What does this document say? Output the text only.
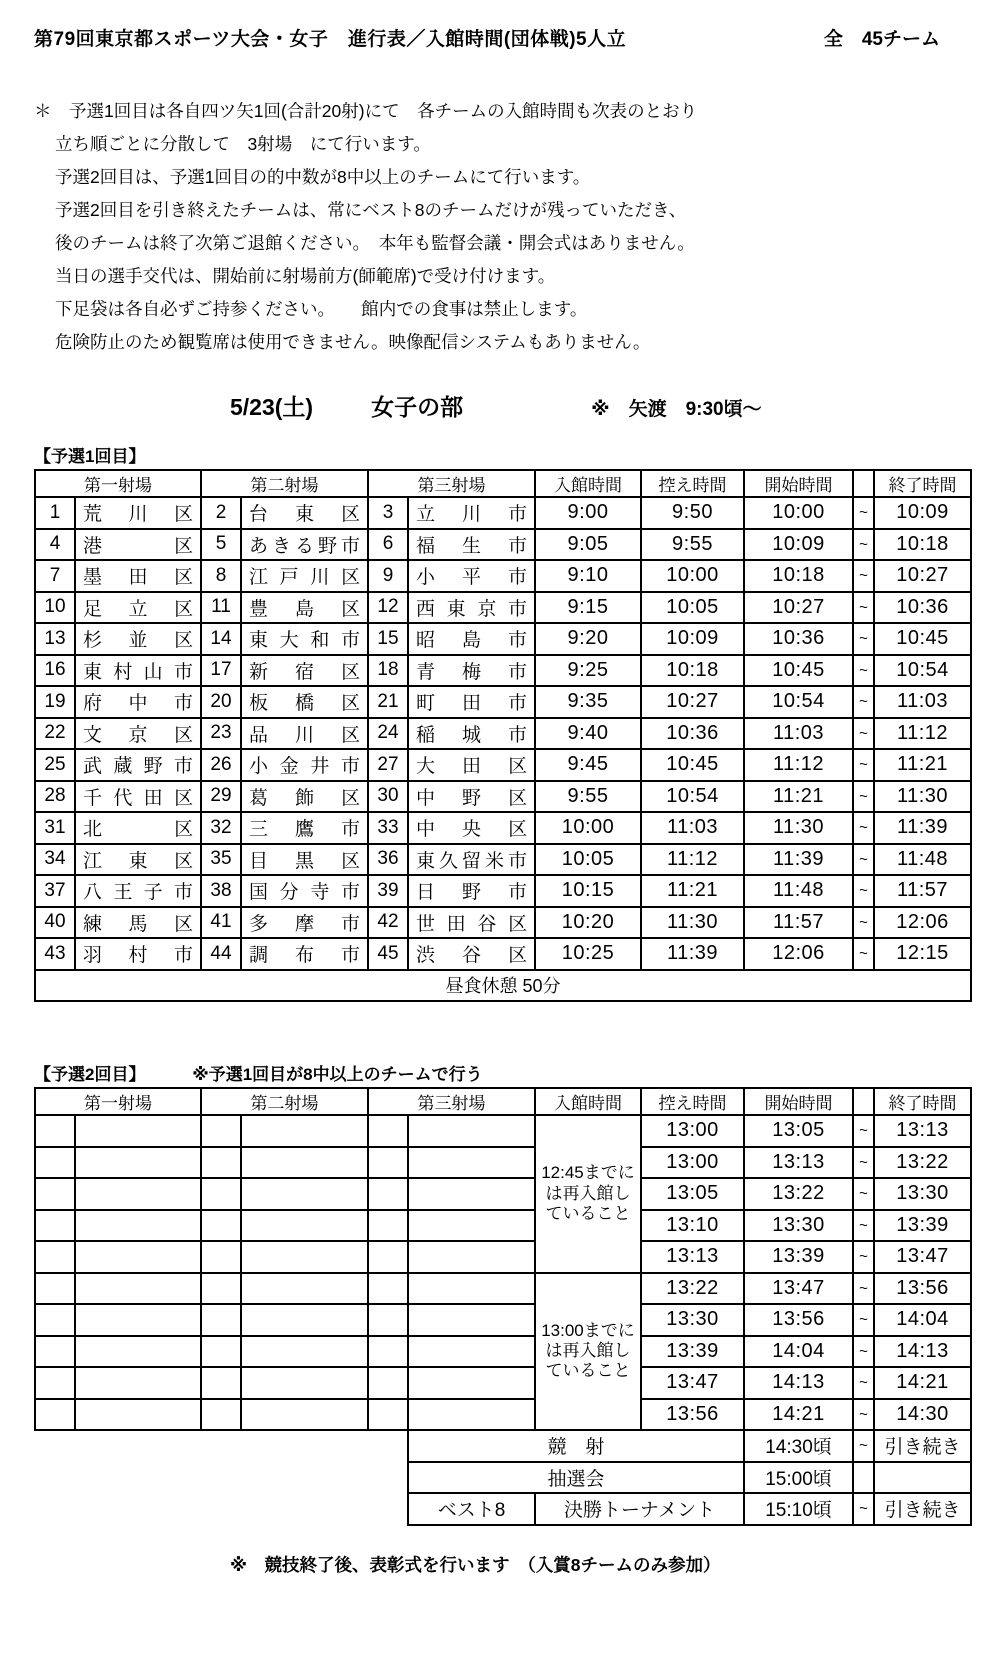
第79回東京都スポーツ大会・女子　進行表／入館時間(団体戦)5人立	全　45チーム
＊　予選1回目は各自四ツ矢1回(合計20射)にて　各チームの入館時間も次表のとおり
立ち順ごとに分散して　3射場　にて行います。
予選2回目は、予選1回目の的中数が8中以上のチームにて行います。
予選2回目を引き終えたチームは、常にベスト8のチームだけが残っていただき、
後のチームは終了次第ご退館ください。　本年も監督会議・開会式はありません。
当日の選手交代は、開始前に射場前方(師範席)で受け付けます。
下足袋は各自必ずご持参ください。　　館内での食事は禁止します。
危険防止のため観覧席は使用できません。映像配信システムもありません。
5/23(土)	女子の部	※　矢渡　9:30頃～
【予選1回目】
第一射場		第二射場		第三射場		入館時間	控え時間	開始時間		終了時間
1	荒川区	2	台東区	3	立川市	9:00	9:50	10:00	~	10:09
4	港区	5	あきる野市	6	福生市	9:05	9:55	10:09	~	10:18
7	墨田区	8	江戸川区	9	小平市	9:10	10:00	10:18	~	10:27
10	足立区	11	豊島区	12	西東京市	9:15	10:05	10:27	~	10:36
13	杉並区	14	東大和市	15	昭島市	9:20	10:09	10:36	~	10:45
16	東村山市	17	新宿区	18	青梅市	9:25	10:18	10:45	~	10:54
19	府中市	20	板橋区	21	町田市	9:35	10:27	10:54	~	11:03
22	文京区	23	品川区	24	稲城市	9:40	10:36	11:03	~	11:12
25	武蔵野市	26	小金井市	27	大田区	9:45	10:45	11:12	~	11:21
28	千代田区	29	葛飾区	30	中野区	9:55	10:54	11:21	~	11:30
31	北区	32	三鷹市	33	中央区	10:00	11:03	11:30	~	11:39
34	江東区	35	目黒区	36	東久留米市	10:05	11:12	11:39	~	11:48
37	八王子市	38	国分寺市	39	日野市	10:15	11:21	11:48	~	11:57
40	練馬区	41	多摩市	42	世田谷区	10:20	11:30	11:57	~	12:06
43	羽村市	44	調布市	45	渋谷区	10:25	11:39	12:06	~	12:15
昼食休憩 50分										
【予選2回目】	※予選1回目が8中以上のチームで行う
第一射場		第二射場		第三射場		入館時間	控え時間	開始時間		終了時間
						12:45までには再入館していること	13:00	13:05	~	13:13
							13:00	13:13	~	13:22
							13:05	13:22	~	13:30
							13:10	13:30	~	13:39
							13:13	13:39	~	13:47
						13:00までには再入館していること	13:22	13:47	~	13:56
							13:30	13:56	~	14:04
							13:39	14:04	~	14:13
							13:47	14:13	~	14:21
							13:56	14:21	~	14:30
					競　射			14:30頃	~	引き続き
					抽選会			15:00頃		
					ベスト8	決勝トーナメント		15:10頃	~	引き続き
※　競技終了後、表彰式を行います　（入賞8チームのみ参加）
